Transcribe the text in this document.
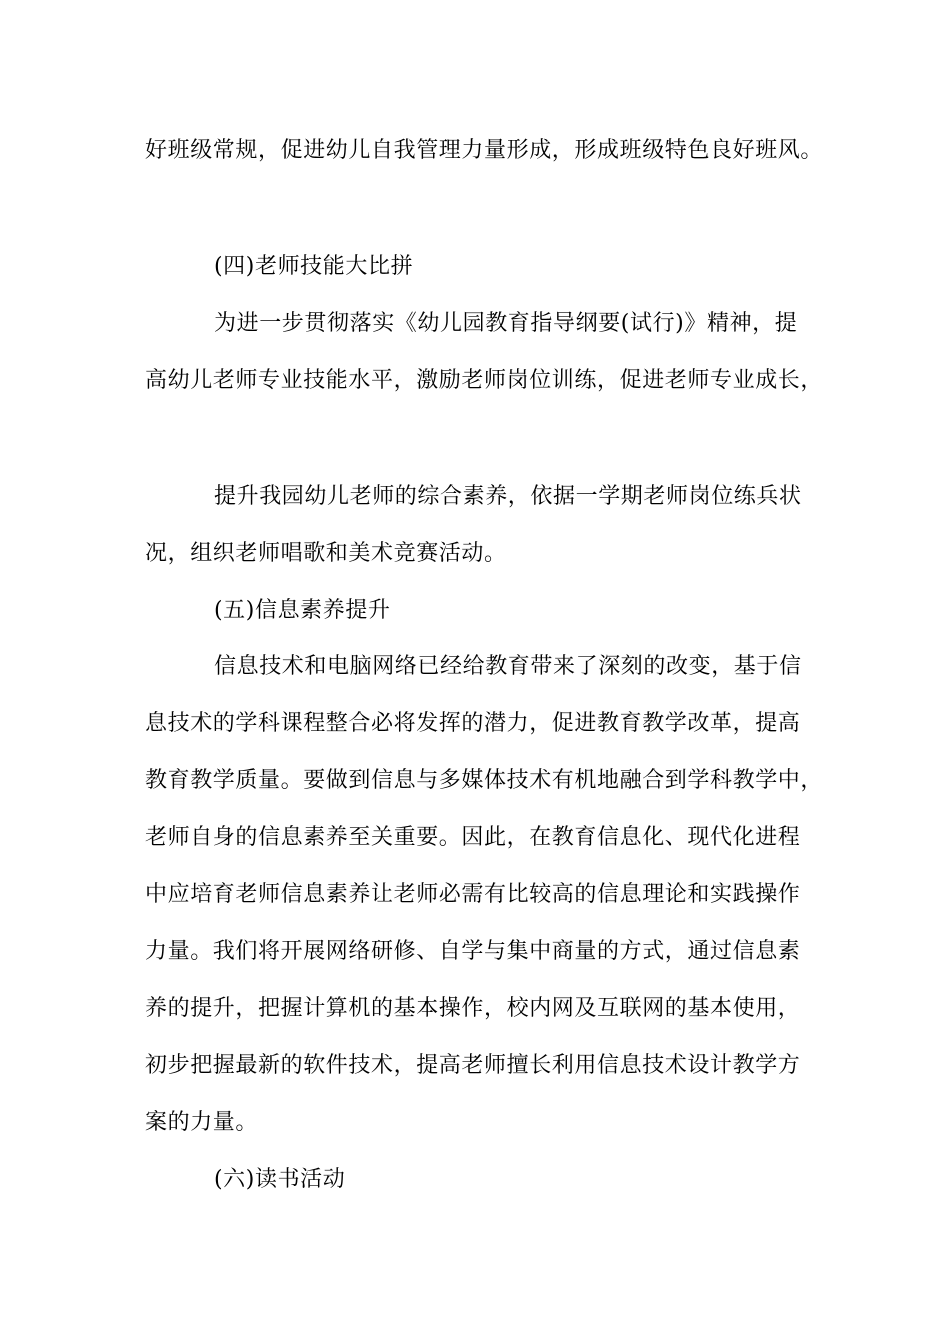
好班级常规，促进幼儿自我管理力量形成，形成班级特色良好班风。
(四)老师技能大比拼
为进一步贯彻落实《幼儿园教育指导纲要(试行)》精神，提
高幼儿老师专业技能水平，激励老师岗位训练，促进老师专业成长，
提升我园幼儿老师的综合素养，依据一学期老师岗位练兵状
况，组织老师唱歌和美术竞赛活动。
(五)信息素养提升
信息技术和电脑网络已经给教育带来了深刻的改变，基于信
息技术的学科课程整合必将发挥的潜力，促进教育教学改革，提高
教育教学质量。要做到信息与多媒体技术有机地融合到学科教学中，
老师自身的信息素养至关重要。因此，在教育信息化、现代化进程
中应培育老师信息素养让老师必需有比较高的信息理论和实践操作
力量。我们将开展网络研修、自学与集中商量的方式，通过信息素
养的提升，把握计算机的基本操作，校内网及互联网的基本使用，
初步把握最新的软件技术，提高老师擅长利用信息技术设计教学方
案的力量。
(六)读书活动
